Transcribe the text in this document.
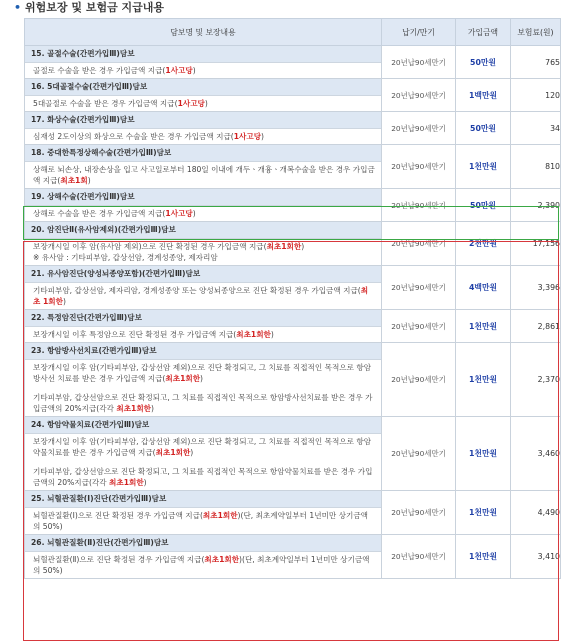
• 위험보장 및 보험금 지급내용
담보명 및 보장내용	납기/만기	가입금액	보험료(원)

15. 골절수술(간편가입Ⅲ)담보
골절로 수술을 받은 경우 가입금액 지급(1사고당)	20년납90세만기	50만원	765

16. 5대골절수술(간편가입Ⅲ)담보
5대골절로 수술을 받은 경우 가입금액 지급(1사고당)	20년납90세만기	1백만원	120

17. 화상수술(간편가입Ⅲ)담보
심재성 2도이상의 화상으로 수술을 받은 경우 가입금액 지급(1사고당)	20년납90세만기	50만원	34

18. 중대한특정상해수술(간편가입Ⅲ)담보
상해로 뇌손상, 내장손상을 입고 사고일로부터 180일 이내에 개두ㆍ개흉ㆍ개복수술을 받은 경우 가입금액 지급(최초1회)	20년납90세만기	1천만원	810

19. 상해수술(간편가입Ⅲ)담보
상해로 수술을 받은 경우 가입금액 지급(1사고당)	20년납90세만기	50만원	2,390

20. 암진단Ⅱ(유사암제외)(간편가입Ⅲ)담보
보장개시일 이후 암(유사암 제외)으로 진단 확정된 경우 가입금액 지급(최초1회한)
※ 유사암 : 기타피부암, 갑상선암, 경계성종양, 제자리암	20년납90세만기	2천만원	17,156

21. 유사암진단(양성뇌종양포함)(간편가입Ⅲ)담보
기타피부암, 갑상선암, 제자리암, 경계성종양 또는 양성뇌종양으로 진단 확정된 경우 가입금액 지급(최초 1회한)	20년납90세만기	4백만원	3,396

22. 특정암진단(간편가입Ⅲ)담보
보장개시일 이후 특정암으로 진단 확정된 경우 가입금액 지급(최초1회한)	20년납90세만기	1천만원	2,861

23. 항암방사선치료(간편가입Ⅲ)담보
보장개시일 이후 암(기타피부암, 갑상선암 제외)으로 진단 확정되고, 그 치료를 직접적인 목적으로 항암방사선 치료를 받은 경우 가입금액 지급(최초1회한)
기타피부암, 갑상선암으로 진단 확정되고, 그 치료를 직접적인 목적으로 항암방사선치료를 받은 경우 가입금액의 20%지급(각각 최초1회한)	20년납90세만기	1천만원	2,370

24. 항암약물치료(간편가입Ⅲ)담보
보장개시일 이후 암(기타피부암, 갑상선암 제외)으로 진단 확정되고, 그 치료를 직접적인 목적으로 항암약물치료를 받은 경우 가입금액 지급(최초1회한)
기타피부암, 갑상선암으로 진단 확정되고, 그 치료를 직접적인 목적으로 항암약물치료를 받은 경우 가입금액의 20%지급(각각 최초1회한)	20년납90세만기	1천만원	3,460

25. 뇌혈관질환(Ⅰ)진단(간편가입Ⅲ)담보
뇌혈관질환(Ⅰ)으로 진단 확정된 경우 가입금액 지급(최초1회한)(단, 최초계약일부터 1년미만 상기금액의 50%)	20년납90세만기	1천만원	4,490

26. 뇌혈관질환(Ⅱ)진단(간편가입Ⅲ)담보
뇌혈관질환(Ⅱ)으로 진단 확정된 경우 가입금액 지급(최초1회한)(단, 최초계약일부터 1년미만 상기금액의 50%)	20년납90세만기	1천만원	3,410
